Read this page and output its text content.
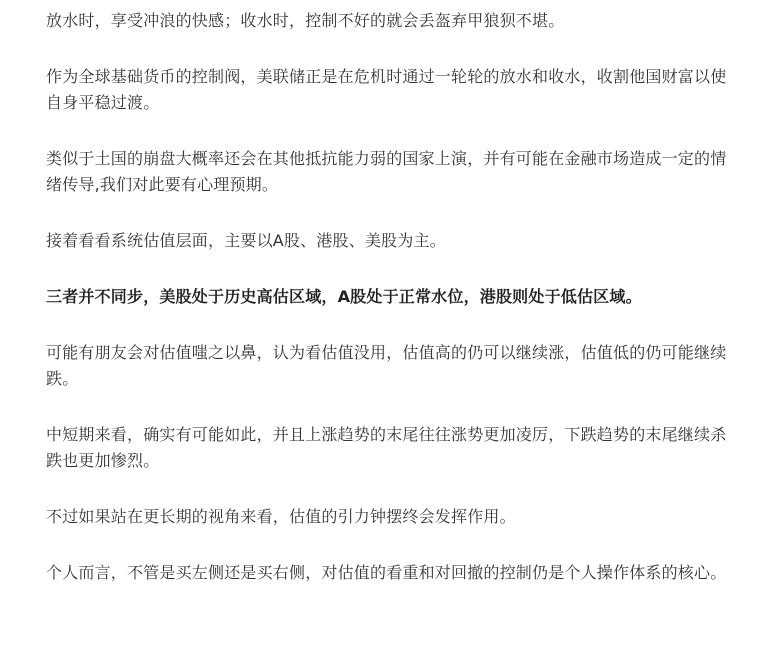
放水时，享受冲浪的快感；收水时，控制不好的就会丢盔弃甲狼狈不堪。

作为全球基础货币的控制阀，美联储正是在危机时通过一轮轮的放水和收水，收割他国财富以使自身平稳过渡。

类似于土国的崩盘大概率还会在其他抵抗能力弱的国家上演，并有可能在金融市场造成一定的情绪传导,我们对此要有心理预期。

接着看看系统估值层面，主要以A股、港股、美股为主。

三者并不同步，美股处于历史高估区域，A股处于正常水位，港股则处于低估区域。

可能有朋友会对估值嗤之以鼻，认为看估值没用，估值高的仍可以继续涨，估值低的仍可能继续跌。

中短期来看，确实有可能如此，并且上涨趋势的末尾往往涨势更加凌厉，下跌趋势的末尾继续杀跌也更加惨烈。

不过如果站在更长期的视角来看，估值的引力钟摆终会发挥作用。

个人而言，不管是买左侧还是买右侧，对估值的看重和对回撤的控制仍是个人操作体系的核心。
